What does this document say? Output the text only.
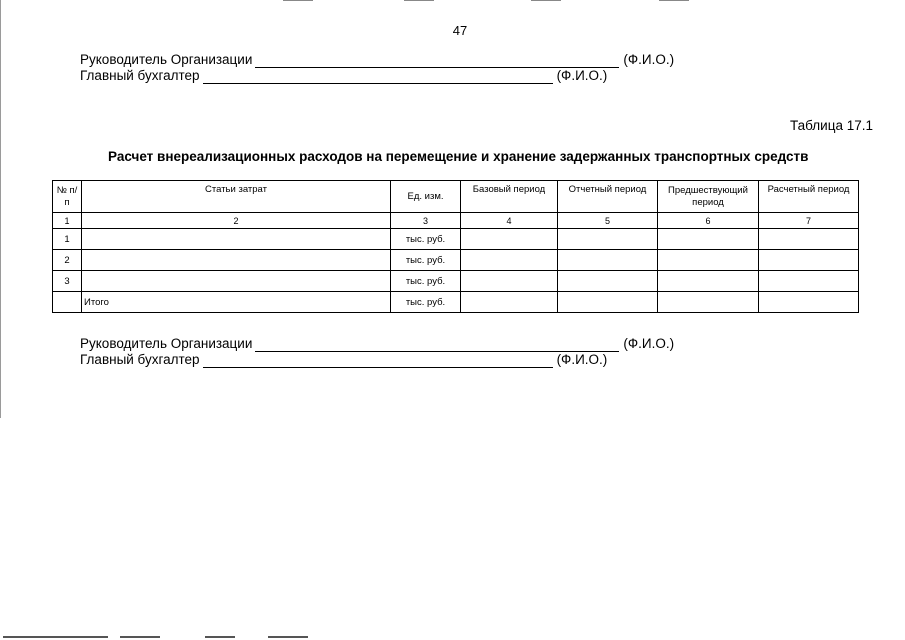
47
Руководитель Организации	(Ф.И.О.)
Главный бухгалтер	(Ф.И.О.)
Таблица 17.1
Расчет внереализационных расходов на перемещение и хранение задержанных транспортных средств
№ п/п	Статьи затрат	Ед. изм.	Базовый период	Отчетный период	Предшествующий период	Расчетный период
1	2	3	4	5	6	7
1		тыс. руб.				
2		тыс. руб.				
3		тыс. руб.				
	Итого	тыс. руб.				
Руководитель Организации	(Ф.И.О.)
Главный бухгалтер	(Ф.И.О.)
